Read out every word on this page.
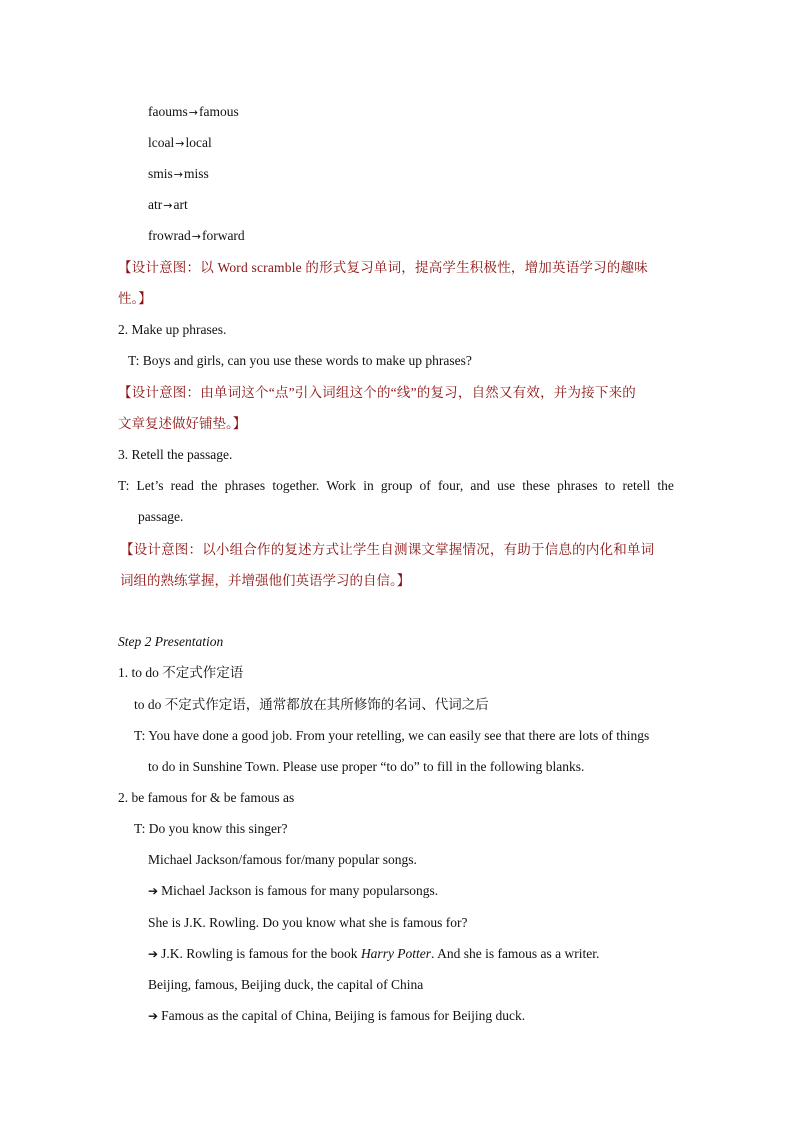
faoums→famous
lcoal→local
smis→miss
atr→art
frowrad→forward
【设计意图：以 Word scramble 的形式复习单词，提高学生积极性，增加英语学习的趣味
性。】
2. Make up phrases.
T: Boys and girls, can you use these words to make up phrases?
【设计意图：由单词这个“点”引入词组这个的“线”的复习，自然又有效，并为接下来的
文章复述做好铺垫。】
3. Retell the passage.
T: Let’s read the phrases together. Work in group of four, and use these phrases to retell the
passage.
【设计意图：以小组合作的复述方式让学生自测课文掌握情况，有助于信息的内化和单词
词组的熟练掌握，并增强他们英语学习的自信。】
Step 2 Presentation
1. to do 不定式作定语
to do 不定式作定语，通常都放在其所修饰的名词、代词之后
T: You have done a good job. From your retelling, we can easily see that there are lots of things
to do in Sunshine Town. Please use proper “to do” to fill in the following blanks.
2. be famous for & be famous as
T: Do you know this singer?
Michael Jackson/famous for/many popular songs.
➔ Michael Jackson is famous for many popularsongs.
She is J.K. Rowling. Do you know what she is famous for?
➔ J.K. Rowling is famous for the book Harry Potter. And she is famous as a writer.
Beijing, famous, Beijing duck, the capital of China
➔ Famous as the capital of China, Beijing is famous for Beijing duck.
